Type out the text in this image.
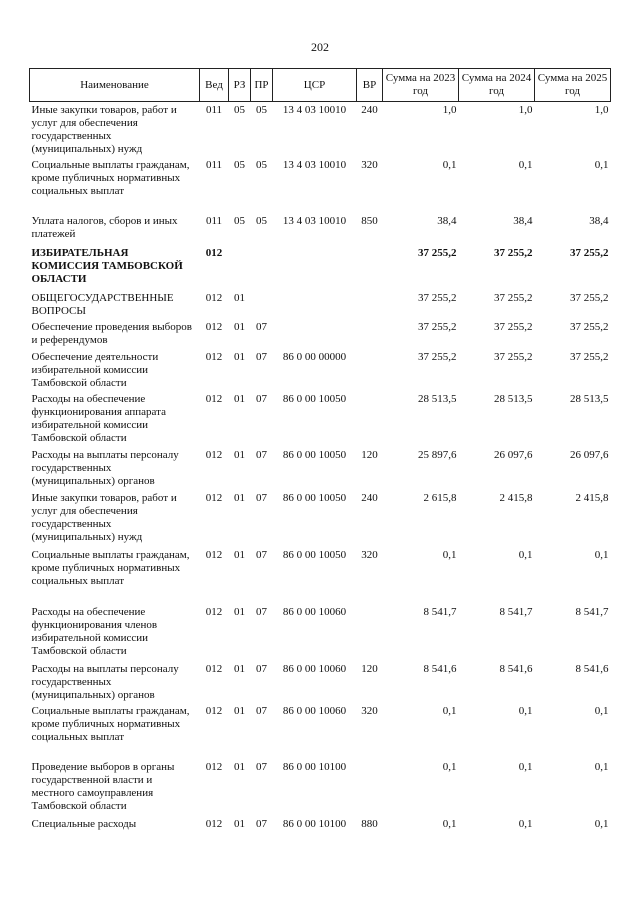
202
Наименование	Вед	РЗ	ПР	ЦСР	ВР	Сумма на 2023 год	Сумма на 2024 год	Сумма на 2025 год
Иные закупки товаров, работ и услуг для обеспечения государственных (муниципальных) нужд	011	05	05	13 4 03 10010	240	1,0	1,0	1,0
Социальные выплаты гражданам, кроме публичных нормативных социальных выплат	011	05	05	13 4 03 10010	320	0,1	0,1	0,1
Уплата налогов, сборов и иных платежей	011	05	05	13 4 03 10010	850	38,4	38,4	38,4
ИЗБИРАТЕЛЬНАЯ КОМИССИЯ ТАМБОВСКОЙ ОБЛАСТИ	012					37 255,2	37 255,2	37 255,2
ОБЩЕГОСУДАРСТВЕННЫЕ ВОПРОСЫ	012	01				37 255,2	37 255,2	37 255,2
Обеспечение проведения выборов и референдумов	012	01	07			37 255,2	37 255,2	37 255,2
Обеспечение деятельности избирательной комиссии Тамбовской области	012	01	07	86 0 00 00000		37 255,2	37 255,2	37 255,2
Расходы на обеспечение функционирования аппарата избирательной комиссии Тамбовской области	012	01	07	86 0 00 10050		28 513,5	28 513,5	28 513,5
Расходы на выплаты персоналу государственных (муниципальных) органов	012	01	07	86 0 00 10050	120	25 897,6	26 097,6	26 097,6
Иные закупки товаров, работ и услуг для обеспечения государственных (муниципальных) нужд	012	01	07	86 0 00 10050	240	2 615,8	2 415,8	2 415,8
Социальные выплаты гражданам, кроме публичных нормативных социальных выплат	012	01	07	86 0 00 10050	320	0,1	0,1	0,1
Расходы на обеспечение функционирования членов избирательной комиссии Тамбовской области	012	01	07	86 0 00 10060		8 541,7	8 541,7	8 541,7
Расходы на выплаты персоналу государственных (муниципальных) органов	012	01	07	86 0 00 10060	120	8 541,6	8 541,6	8 541,6
Социальные выплаты гражданам, кроме публичных нормативных социальных выплат	012	01	07	86 0 00 10060	320	0,1	0,1	0,1
Проведение выборов в органы государственной власти и местного самоуправления Тамбовской области	012	01	07	86 0 00 10100		0,1	0,1	0,1
Специальные расходы	012	01	07	86 0 00 10100	880	0,1	0,1	0,1
